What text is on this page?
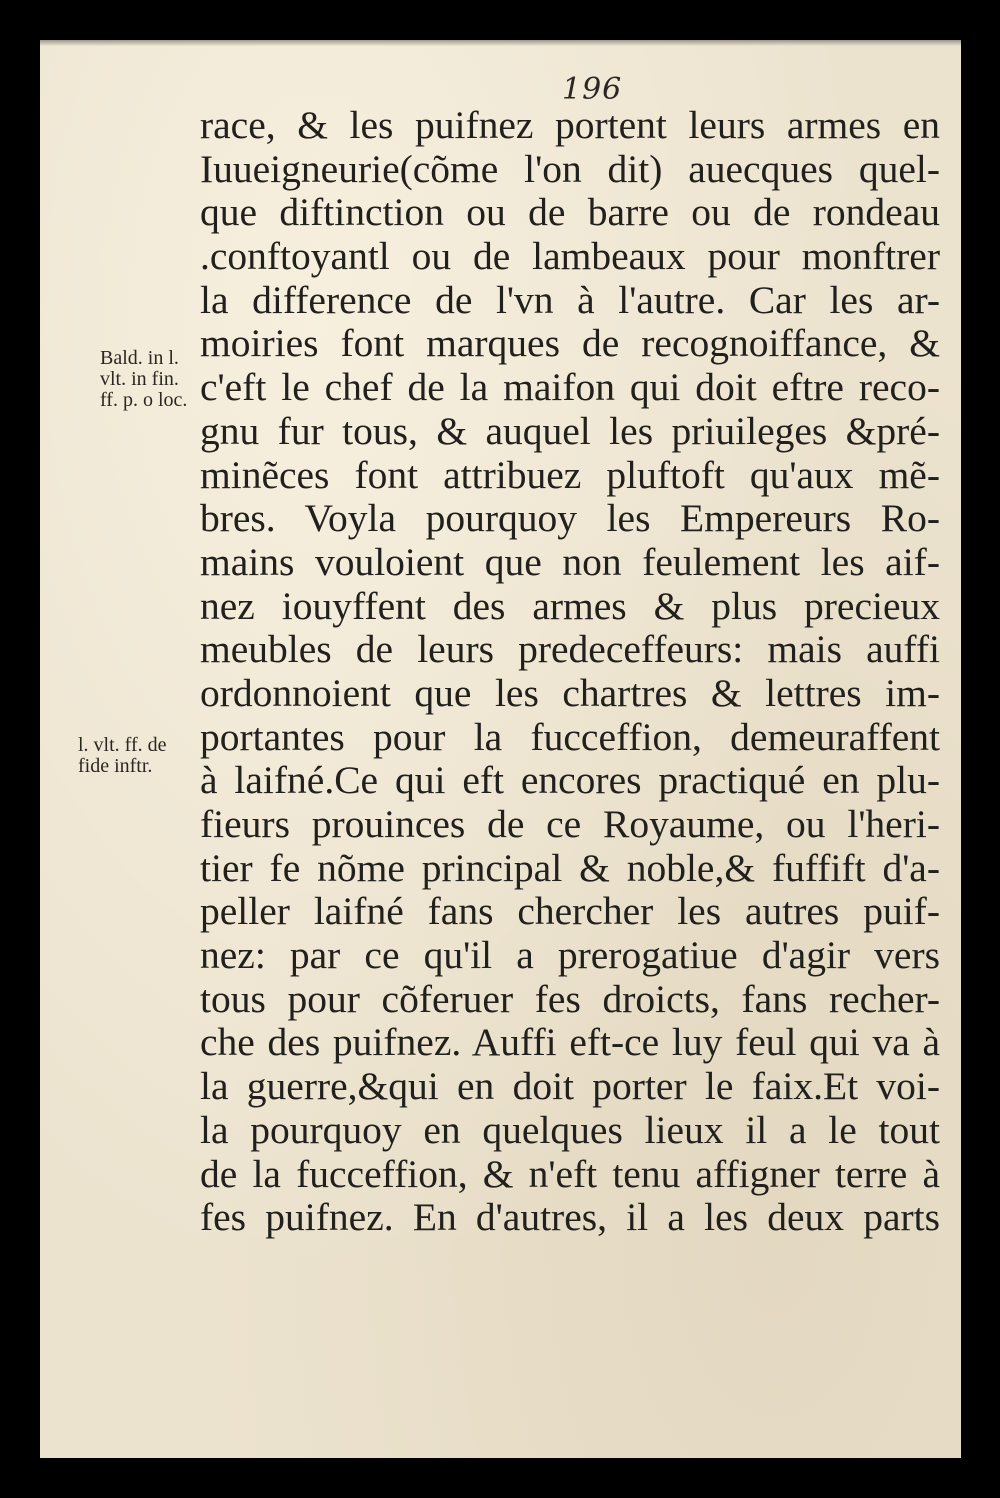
196
Bald. in l.
vlt. in fin.
ff. p. o loc.
l. vlt. ff. de
fide inftr.
race, & les puifnez portent leurs armes en
Iuueigneurie(cõme l'on dit) auecques quel-
que diftinction ou de barre ou de rondeau
.conftoyantl ou de lambeaux pour monftrer
la difference de l'vn à l'autre. Car les ar-
moiries font marques de recognoiffance, &
c'eft le chef de la maifon qui doit eftre reco-
gnu fur tous, & auquel les priuileges &pré-
minẽces font attribuez pluftoft qu'aux mẽ-
bres. Voyla pourquoy les Empereurs Ro-
mains vouloient que non feulement les aif-
nez iouyffent des armes & plus precieux
meubles de leurs predeceffeurs: mais auffi
ordonnoient que les chartres & lettres im-
portantes pour la fucceffion, demeuraffent
à laifné.Ce qui eft encores practiqué en plu-
fieurs prouinces de ce Royaume, ou l'heri-
tier fe nõme principal & noble,& fuffift d'a-
peller laifné fans chercher les autres puif-
nez: par ce qu'il a prerogatiue d'agir vers
tous pour cõferuer fes droicts, fans recher-
che des puifnez. Auffi eft-ce luy feul qui va à
la guerre,&qui en doit porter le faix.Et voi-
la pourquoy en quelques lieux il a le tout
de la fucceffion, & n'eft tenu affigner terre à
fes puifnez. En d'autres, il a les deux parts
